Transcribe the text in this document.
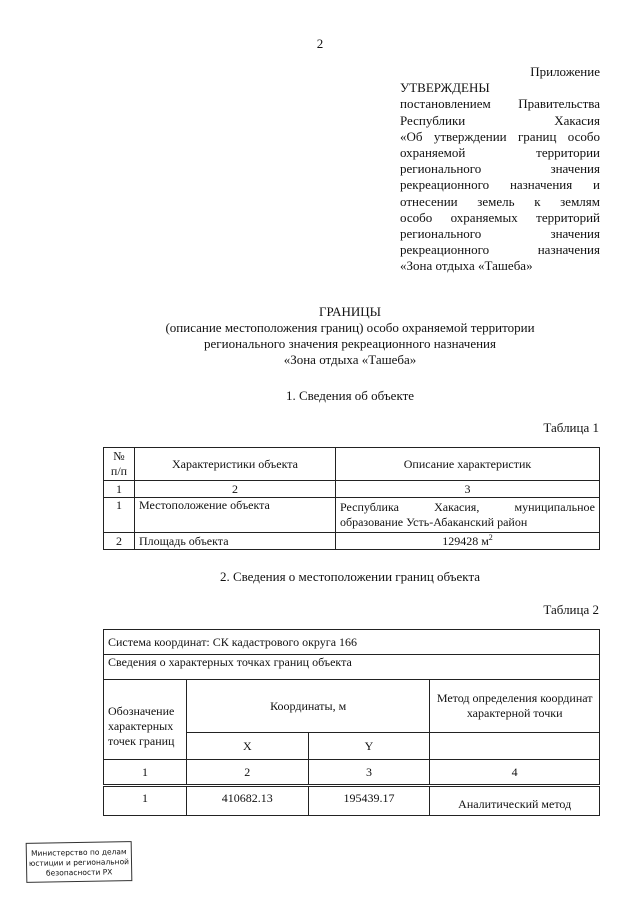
2
Приложение
УТВЕРЖДЕНЫ
постановлением Правительства
Республики Хакасия
«Об утверждении границ особо
охраняемой территории
регионального значения
рекреационного назначения и
отнесении земель к землям
особо охраняемых территорий
регионального значения
рекреационного назначения
«Зона отдыха «Ташеба»
ГРАНИЦЫ
(описание местоположения границ) особо охраняемой территории
регионального значения рекреационного назначения
«Зона отдыха «Ташеба»
1. Сведения об объекте
Таблица 1
№ п/п	Характеристики объекта	Описание характеристик
1	2	3
1	Местоположение объекта	Республика Хакасия, муниципальное образование Усть-Абаканский район
2	Площадь объекта	129428 $м^2$
2. Сведения о местоположении границ объекта
Таблица 2
Система координат: СК кадастрового округа 166			
Сведения о характерных точках границ объекта			
Обозначение характерных точек границ	Координаты, м		Метод определения координат характерной точки
	X	Y	
1	2	3	4
1	410682.13	195439.17	Аналитический метод
Министерство по делам
юстиции и региональной
безопасности РХ
